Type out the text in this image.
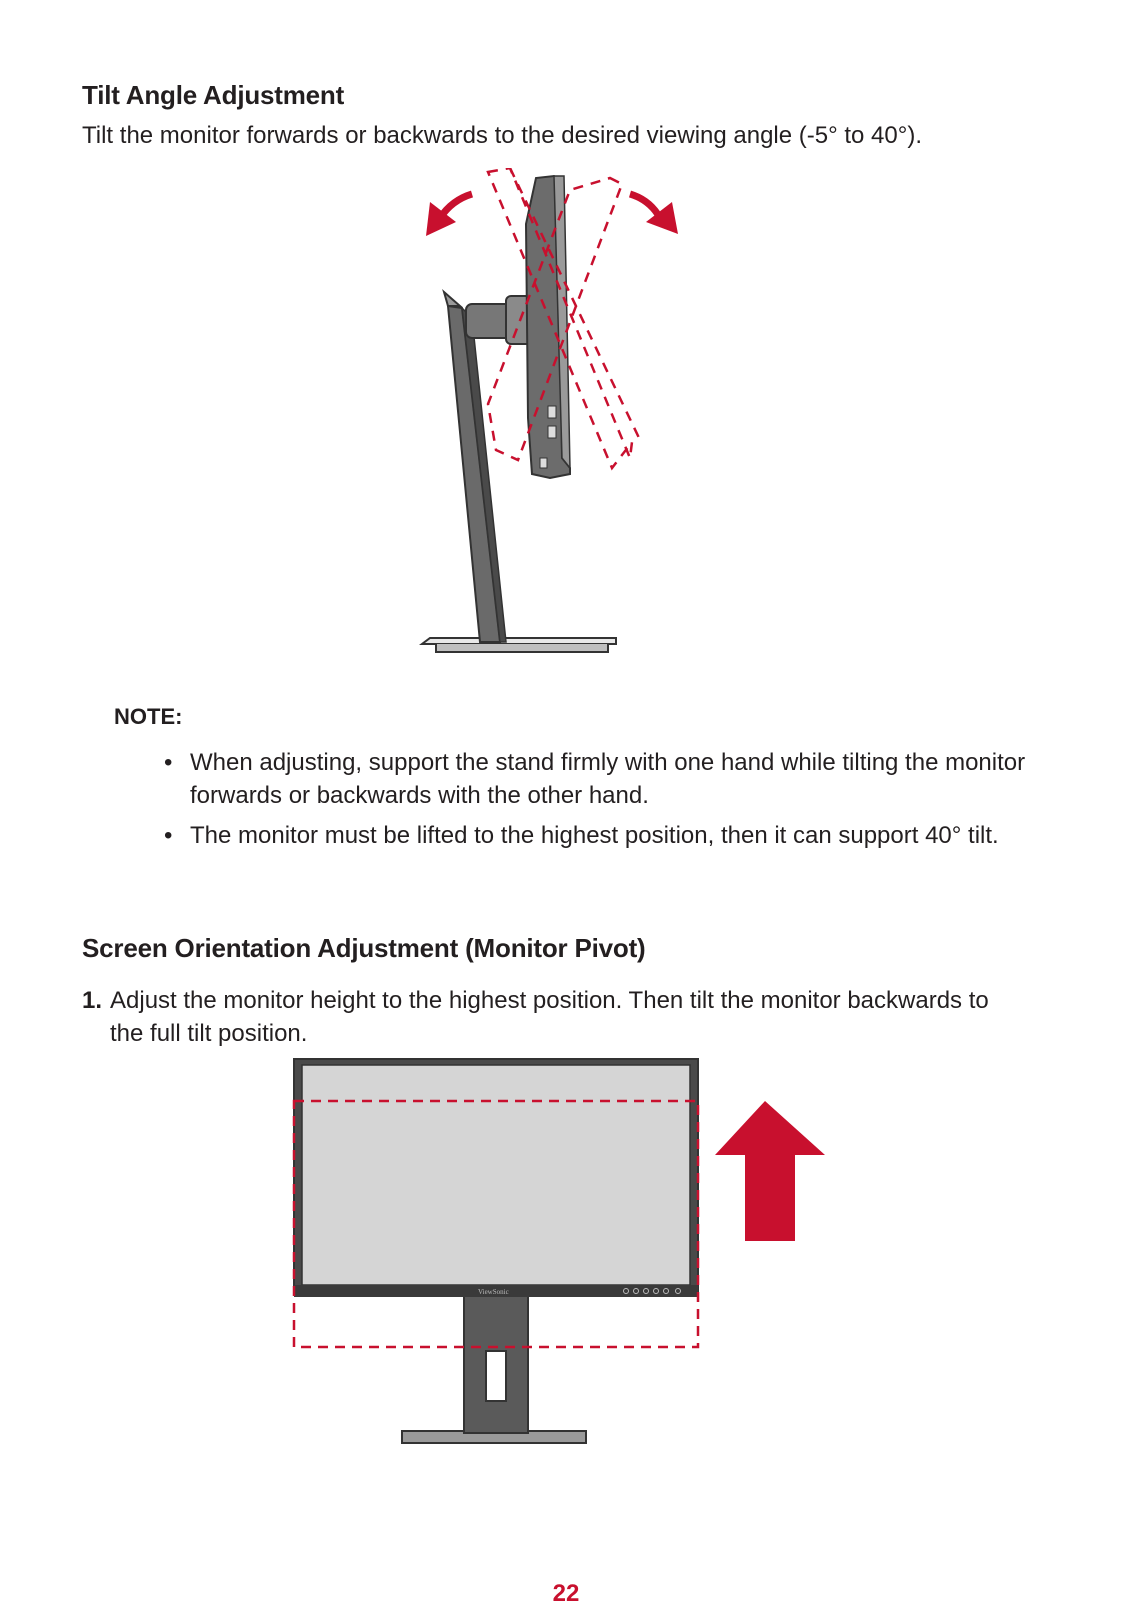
Tilt Angle Adjustment

Tilt the monitor forwards or backwards to the desired viewing angle (-5° to 40°).

NOTE:
• When adjusting, support the stand firmly with one hand while tilting the monitor forwards or backwards with the other hand.
• The monitor must be lifted to the highest position, then it can support 40° tilt.
Screen Orientation Adjustment (Monitor Pivot)
1. Adjust the monitor height to the highest position. Then tilt the monitor backwards to the full tilt position.
ViewSonic
22
